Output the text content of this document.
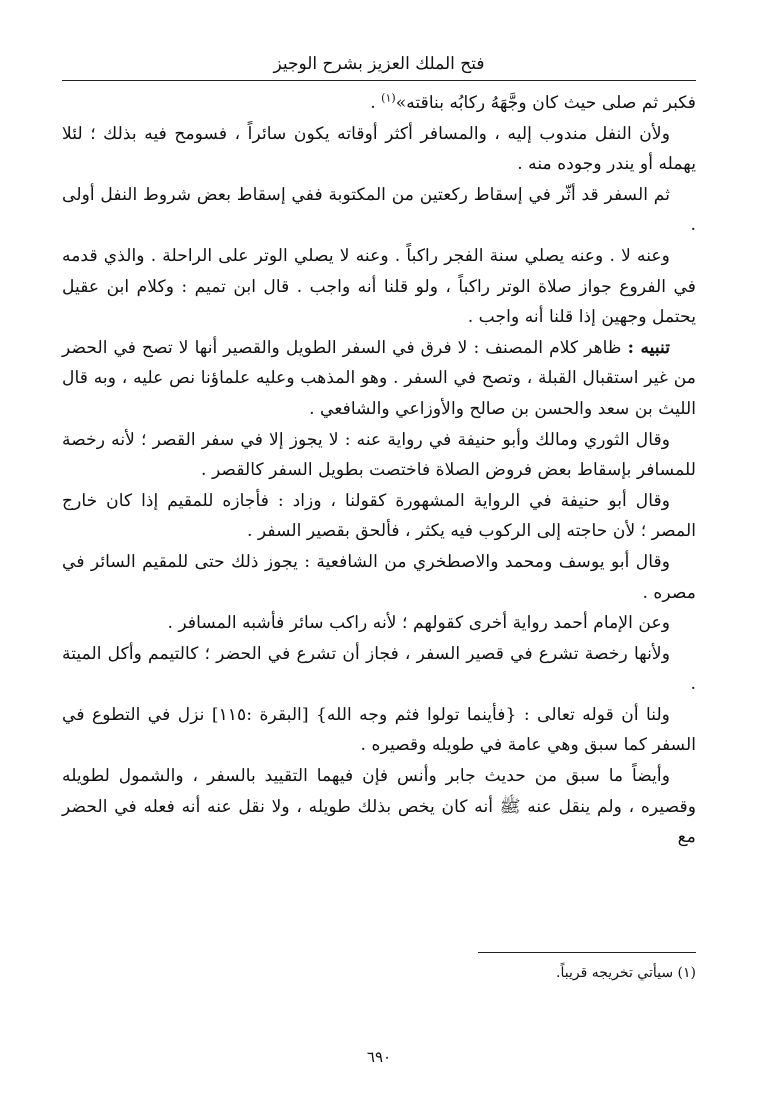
فتح الملك العزيز بشرح الوجيز

فكبر ثم صلى حيث كان وجَّهَهُ ركابُه بناقته»$^{(١)}$ .

ولأن النفل مندوب إليه ، والمسافر أكثر أوقاته يكون سائراً ، فسومح فيه بذلك ؛ لئلا يهمله أو يندر وجوده منه .

ثم السفر قد أثّر في إسقاط ركعتين من المكتوبة ففي إسقاط بعض شروط النفل أولى .

وعنه لا . وعنه يصلي سنة الفجر راكباً . وعنه لا يصلي الوتر على الراحلة . والذي قدمه في الفروع جواز صلاة الوتر راكباً ، ولو قلنا أنه واجب . قال ابن تميم : وكلام ابن عقيل يحتمل وجهين إذا قلنا أنه واجب .

تنبيه : ظاهر كلام المصنف : لا فرق في السفر الطويل والقصير أنها لا تصح في الحضر من غير استقبال القبلة ، وتصح في السفر . وهو المذهب وعليه علماؤنا نص عليه ، وبه قال الليث بن سعد والحسن بن صالح والأوزاعي والشافعي .

وقال الثوري ومالك وأبو حنيفة في رواية عنه : لا يجوز إلا في سفر القصر ؛ لأنه رخصة للمسافر بإسقاط بعض فروض الصلاة فاختصت بطويل السفر كالقصر .

وقال أبو حنيفة في الرواية المشهورة كقولنا ، وزاد : فأجازه للمقيم إذا كان خارج المصر ؛ لأن حاجته إلى الركوب فيه يكثر ، فألحق بقصير السفر .

وقال أبو يوسف ومحمد والاصطخري من الشافعية : يجوز ذلك حتى للمقيم السائر في مصره .

وعن الإمام أحمد رواية أخرى كقولهم ؛ لأنه راكب سائر فأشبه المسافر .

ولأنها رخصة تشرع في قصير السفر ، فجاز أن تشرع في الحضر ؛ كالتيمم وأكل الميتة .

ولنا أن قوله تعالى : {فأينما تولوا فثم وجه الله} [البقرة :١١٥] نزل في التطوع في السفر كما سبق وهي عامة في طويله وقصيره .

وأيضاً ما سبق من حديث جابر وأنس فإن فيهما التقييد بالسفر ، والشمول لطويله وقصيره ، ولم ينقل عنه ﷺ أنه كان يخص بذلك طويله ، ولا نقل عنه أنه فعله في الحضر مع

(١) سيأتي تخريجه قريباً.
٦٩٠
